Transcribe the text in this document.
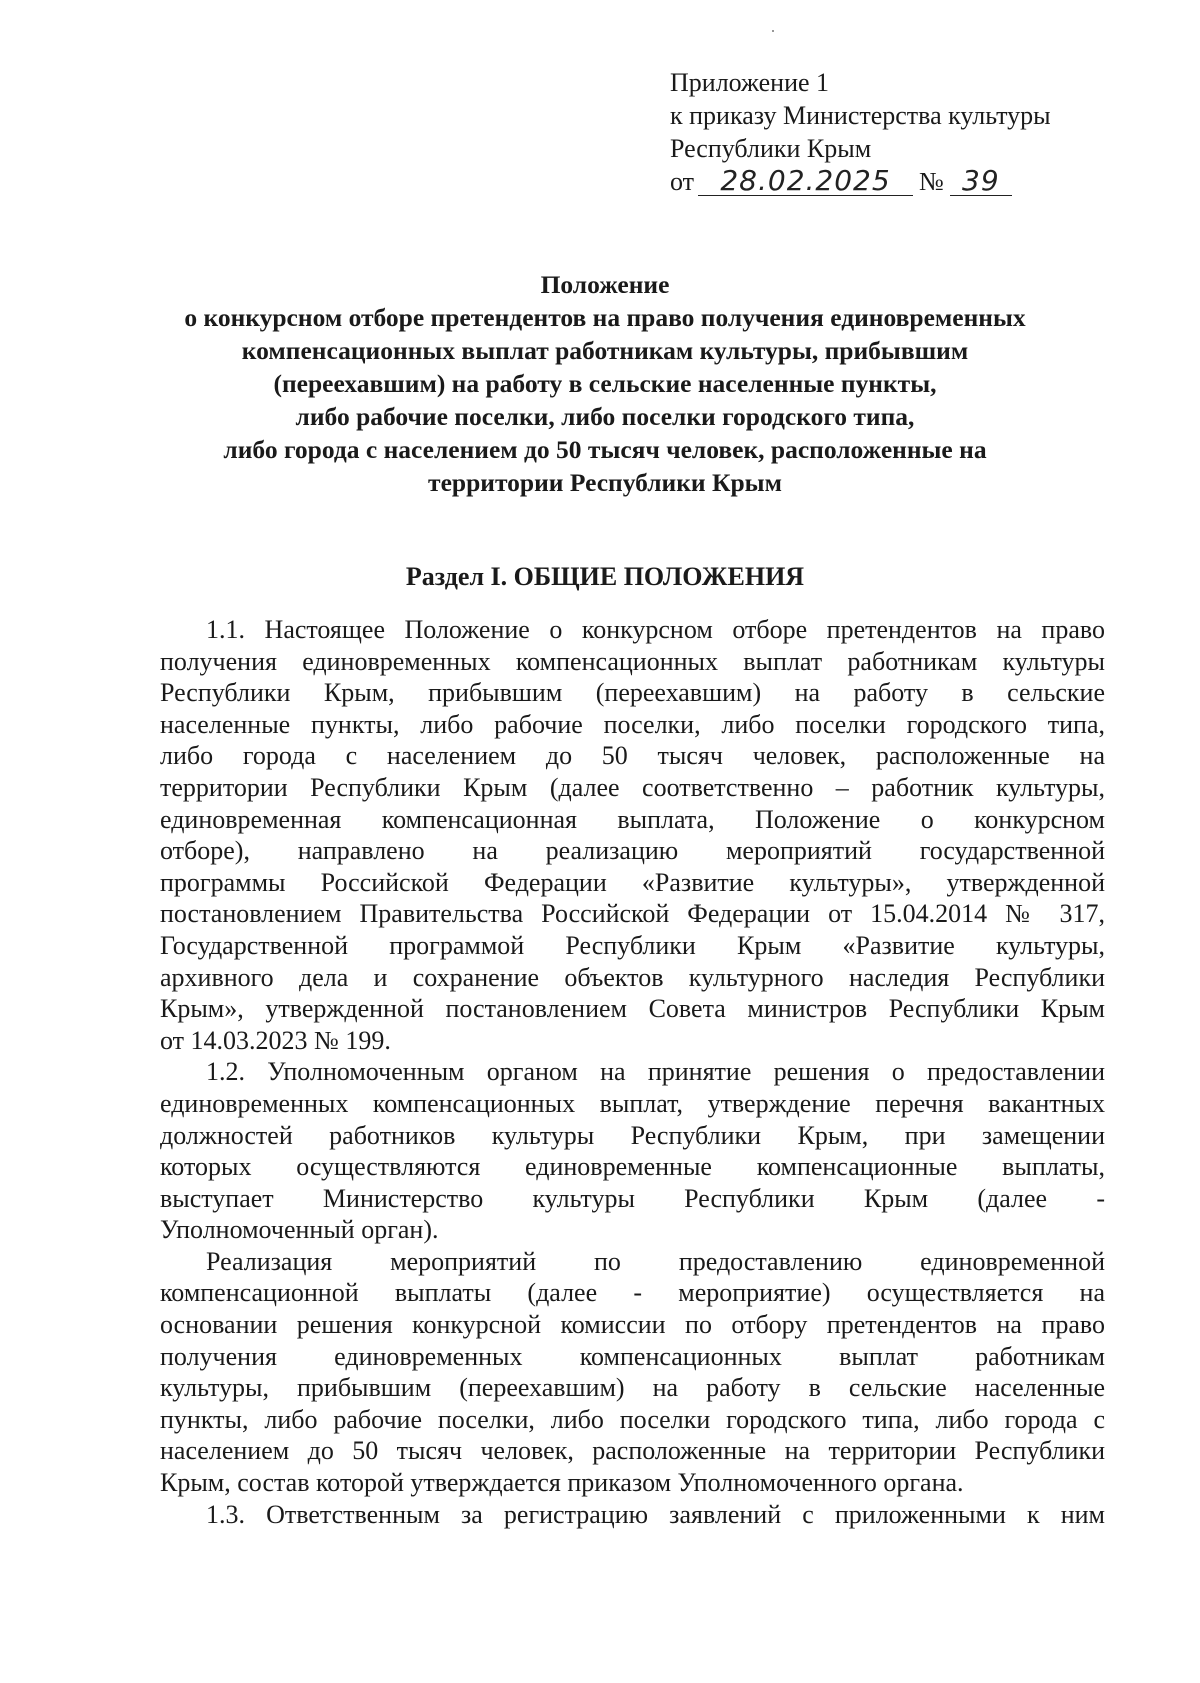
Приложение 1
к приказу Министерства культуры
Республики Крым
от 28.02.2025 № 39
Положение
о конкурсном отборе претендентов на право получения единовременных
компенсационных выплат работникам культуры, прибывшим
(переехавшим) на работу в сельские населенные пункты,
либо рабочие поселки, либо поселки городского типа,
либо города с населением до 50 тысяч человек, расположенные на
территории Республики Крым
Раздел I. ОБЩИЕ ПОЛОЖЕНИЯ
1.1. Настоящее Положение о конкурсном отборе претендентов на право
получения единовременных компенсационных выплат работникам культуры
Республики Крым, прибывшим (переехавшим) на работу в сельские
населенные пункты, либо рабочие поселки, либо поселки городского типа,
либо города с населением до 50 тысяч человек, расположенные на
территории Республики Крым (далее соответственно – работник культуры,
единовременная компенсационная выплата, Положение о конкурсном
отборе), направлено на реализацию мероприятий государственной
программы Российской Федерации «Развитие культуры», утвержденной
постановлением Правительства Российской Федерации от 15.04.2014 № 317,
Государственной программой Республики Крым «Развитие культуры,
архивного дела и сохранение объектов культурного наследия Республики
Крым», утвержденной постановлением Совета министров Республики Крым
от 14.03.2023 № 199.
1.2. Уполномоченным органом на принятие решения о предоставлении
единовременных компенсационных выплат, утверждение перечня вакантных
должностей работников культуры Республики Крым, при замещении
которых осуществляются единовременные компенсационные выплаты,
выступает Министерство культуры Республики Крым (далее -
Уполномоченный орган).
Реализация мероприятий по предоставлению единовременной
компенсационной выплаты (далее - мероприятие) осуществляется на
основании решения конкурсной комиссии по отбору претендентов на право
получения единовременных компенсационных выплат работникам
культуры, прибывшим (переехавшим) на работу в сельские населенные
пункты, либо рабочие поселки, либо поселки городского типа, либо города с
населением до 50 тысяч человек, расположенные на территории Республики
Крым, состав которой утверждается приказом Уполномоченного органа.
1.3. Ответственным за регистрацию заявлений с приложенными к ним
